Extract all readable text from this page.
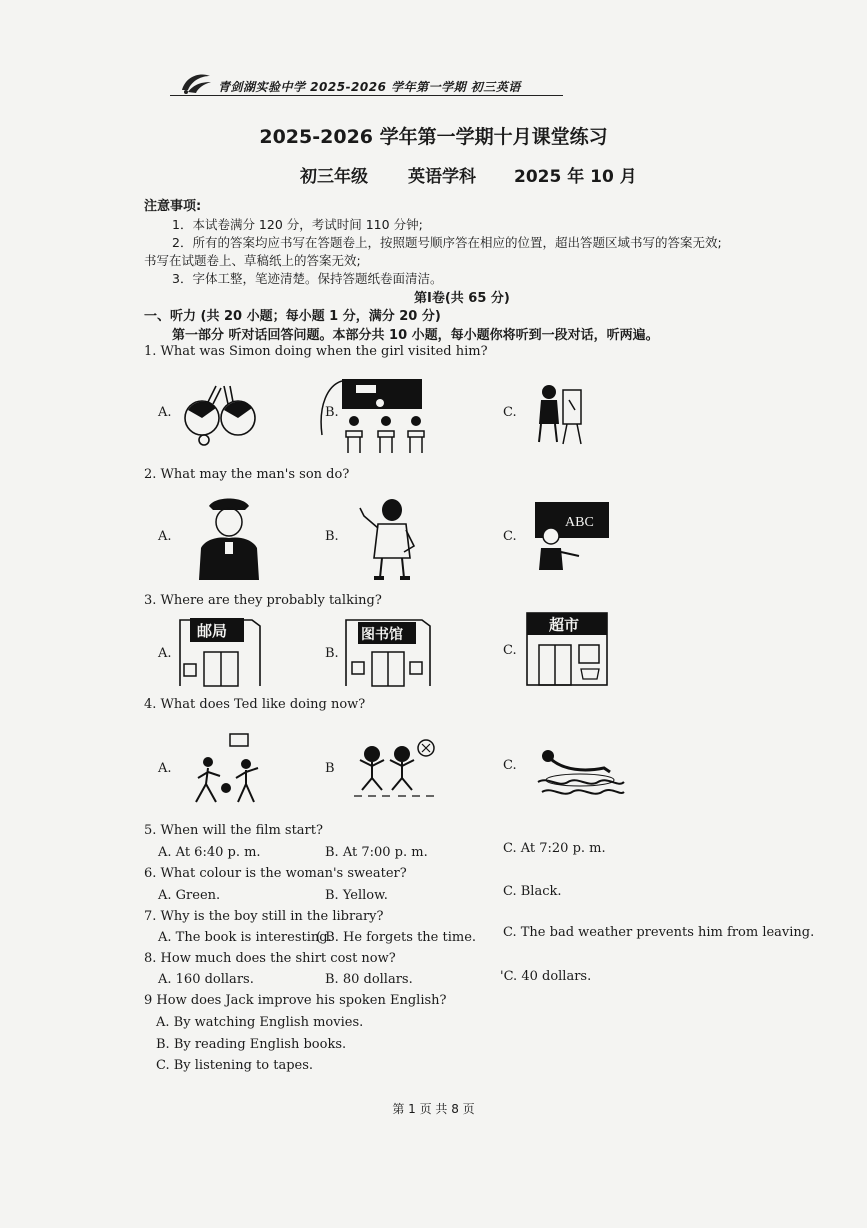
青剑湖实验中学 2025-2026 学年第一学期 初三英语
2025-2026 学年第一学期十月课堂练习
初三年级 英语学科 2025 年 10 月
注意事项:
1．本试卷满分 120 分，考试时间 110 分钟;
2．所有的答案均应书写在答题卷上，按照题号顺序答在相应的位置，超出答题区域书写的答案无效;
书写在试题卷上、草稿纸上的答案无效;
3．字体工整，笔迹清楚。保持答题纸卷面清洁。
第Ⅰ卷(共 65 分)
一、听力 (共 20 小题；每小题 1 分，满分 20 分)
第一部分 听对话回答问题。本部分共 10 小题，每小题你将听到一段对话，听两遍。
1. What was Simon doing when the girl visited him?
A.	B.	C.
2. What may the man's son do?
A.	B.	C.
ABC
3. Where are they probably talking?
A.
邮局
B.
图书馆
C.
超市
4. What does Ted like doing now?
A.	B	C.
5. When will the film start?
A. At 6:40 p. m.	B. At 7:00 p. m.	C. At 7:20 p. m.
6. What colour is the woman's sweater?
A. Green.	B. Yellow.	C. Black.
7. Why is the boy still in the library?
A. The book is interesting.
( B. He forgets the time. C. The bad weather prevents him from leaving.
8. How much does the shirt cost now?
A. 160 dollars.	B. 80 dollars.	'C. 40 dollars.
9 How does Jack improve his spoken English?
A. By watching English movies.
B. By reading English books.
C. By listening to tapes.
第 1 页 共 8 页
